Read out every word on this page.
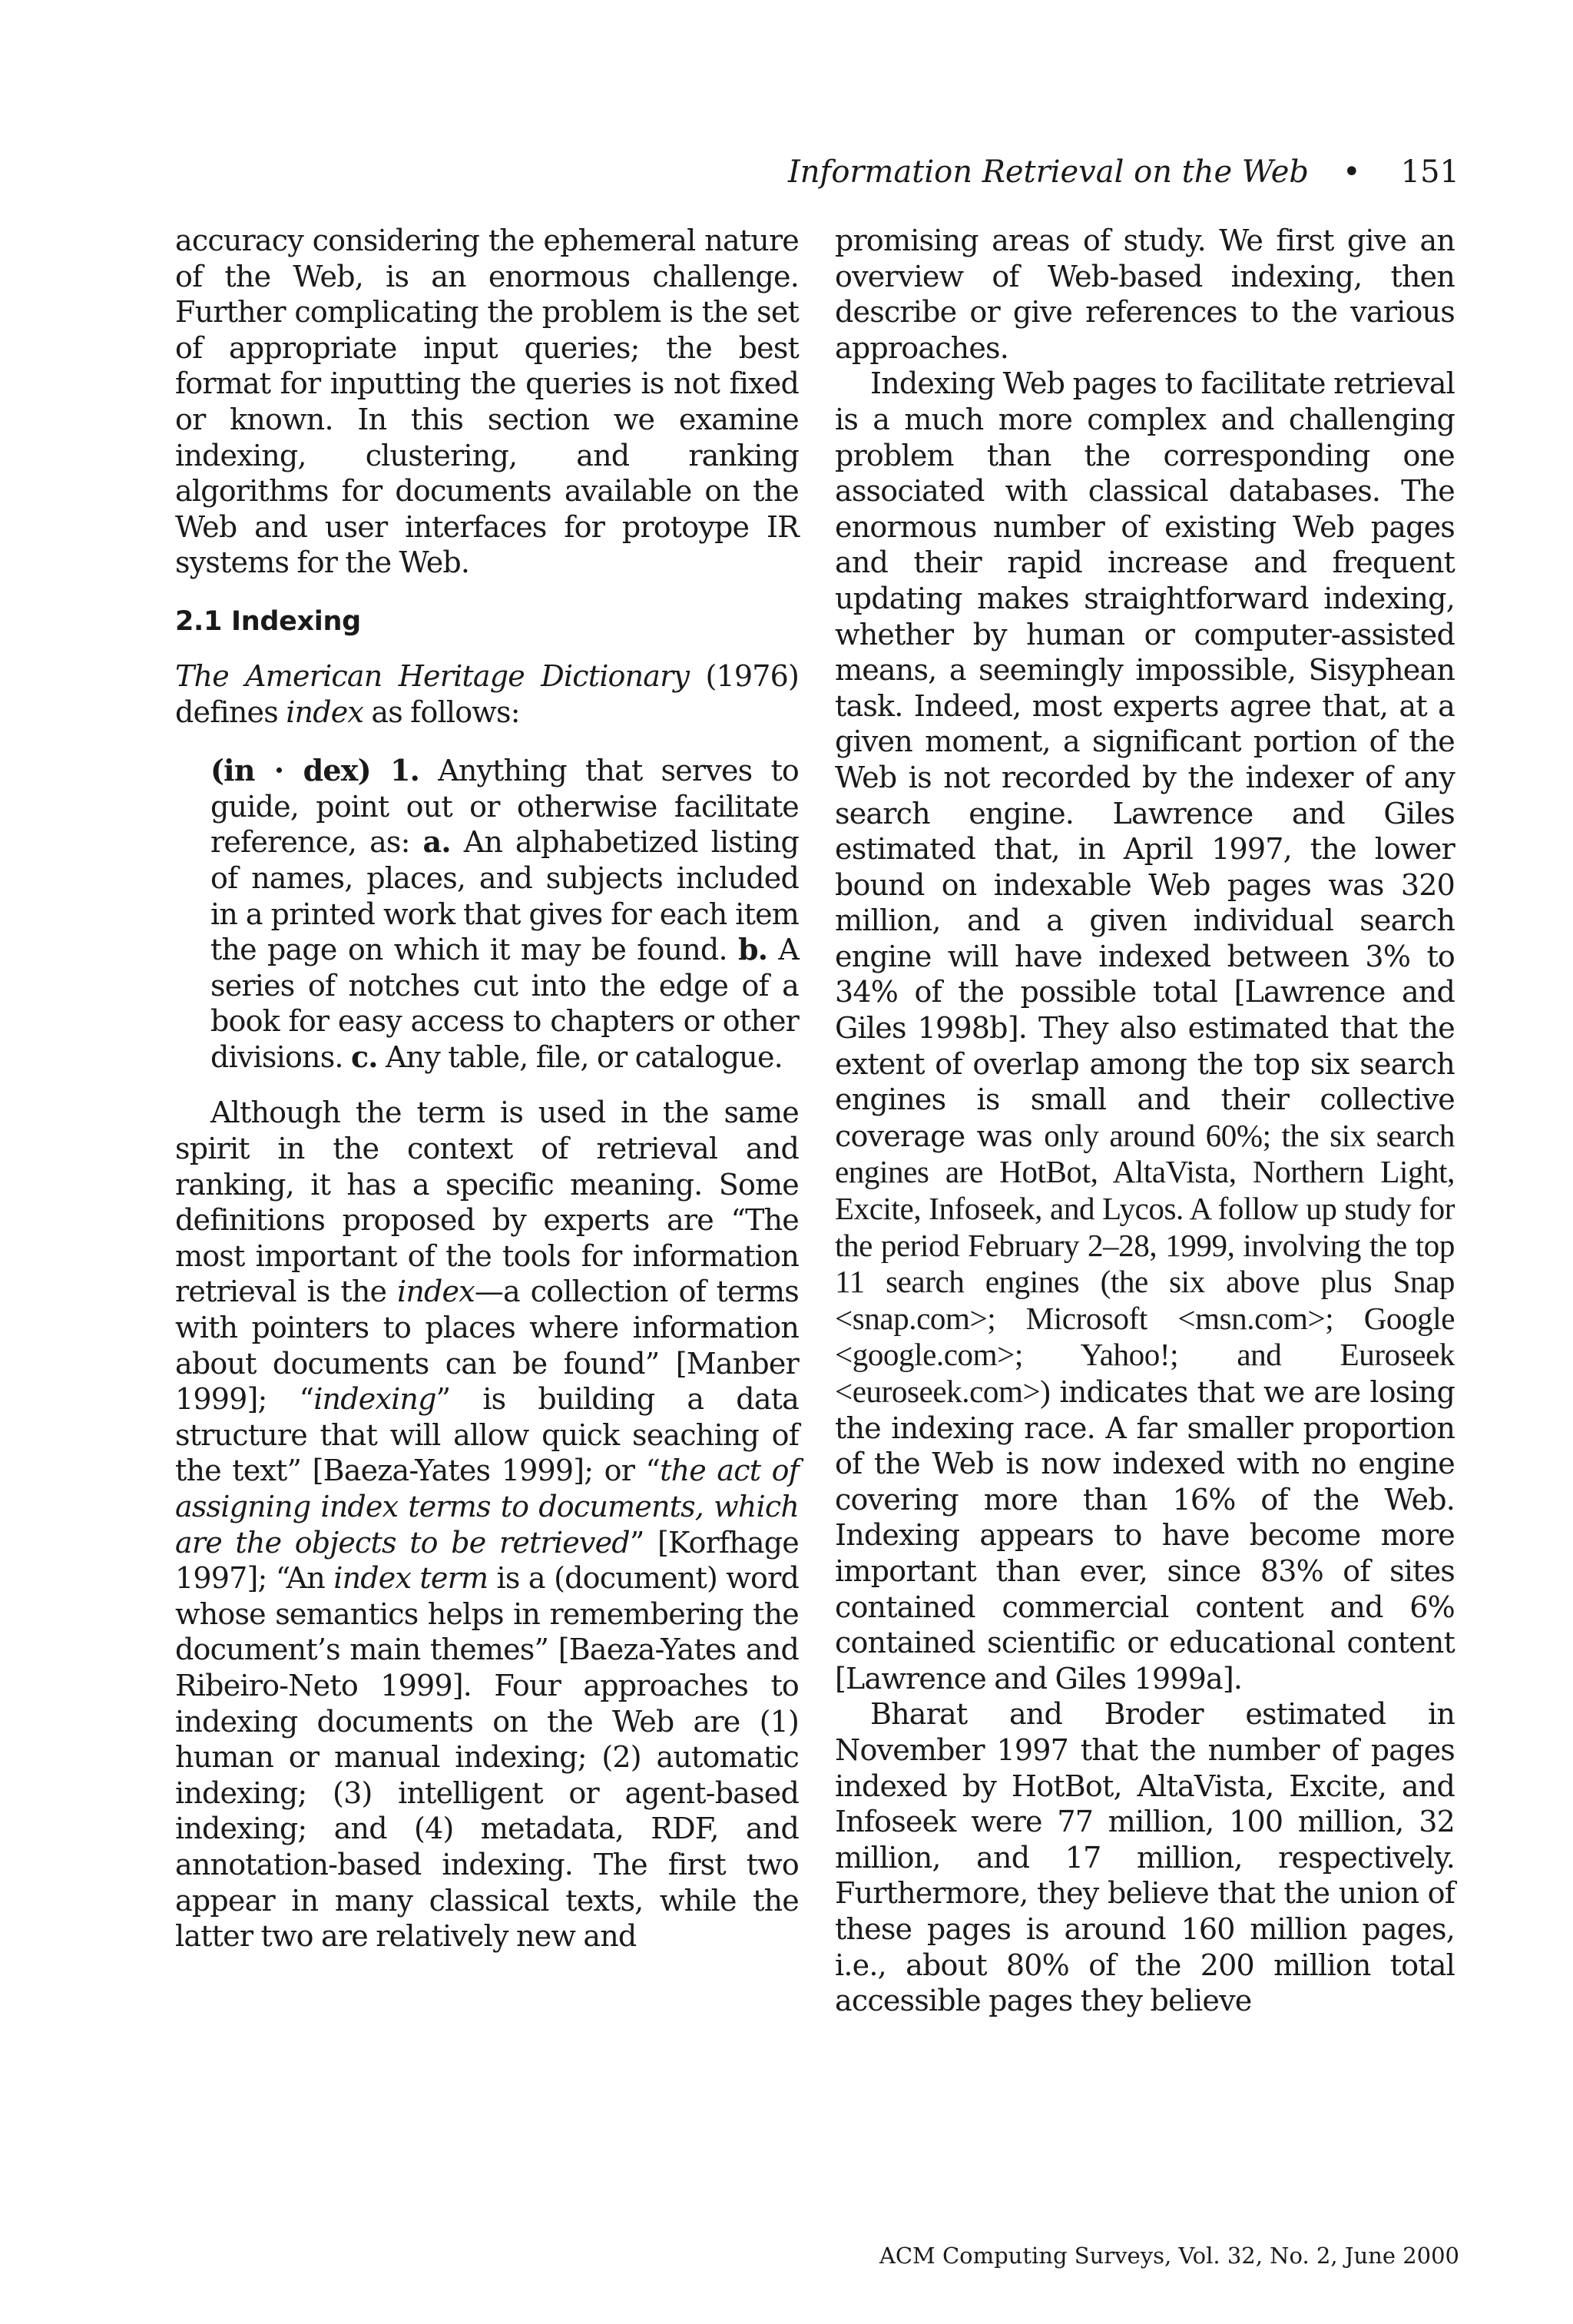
Information Retrieval on the Web • 151

accuracy considering the ephemeral nature of the Web, is an enormous challenge. Further complicating the problem is the set of appropriate input queries; the best format for inputting the queries is not fixed or known. In this section we examine indexing, clustering, and ranking algorithms for documents available on the Web and user interfaces for protoype IR systems for the Web.

2.1 Indexing

The American Heritage Dictionary (1976) defines index as follows:

(in · dex) 1. Anything that serves to guide, point out or otherwise facilitate reference, as: a. An alphabetized listing of names, places, and subjects included in a printed work that gives for each item the page on which it may be found. b. A series of notches cut into the edge of a book for easy access to chapters or other divisions. c. Any table, file, or catalogue.

Although the term is used in the same spirit in the context of retrieval and ranking, it has a specific meaning. Some definitions proposed by experts are “The most important of the tools for information retrieval is the index—a collection of terms with pointers to places where information about documents can be found” [Manber 1999]; “indexing” is building a data structure that will allow quick seaching of the text” [Baeza-Yates 1999]; or “the act of assigning index terms to documents, which are the objects to be retrieved” [Korfhage 1997]; “An index term is a (document) word whose semantics helps in remembering the document’s main themes” [Baeza-Yates and Ribeiro-Neto 1999]. Four approaches to indexing documents on the Web are (1) human or manual indexing; (2) automatic indexing; (3) intelligent or agent-based indexing; and (4) metadata, RDF, and annotation-based indexing. The first two appear in many classical texts, while the latter two are relatively new and

promising areas of study. We first give an overview of Web-based indexing, then describe or give references to the various approaches.

Indexing Web pages to facilitate retrieval is a much more complex and challenging problem than the corresponding one associated with classical databases. The enormous number of existing Web pages and their rapid increase and frequent updating makes straightforward indexing, whether by human or computer-assisted means, a seemingly impossible, Sisyphean task. Indeed, most experts agree that, at a given moment, a significant portion of the Web is not recorded by the indexer of any search engine. Lawrence and Giles estimated that, in April 1997, the lower bound on indexable Web pages was 320 million, and a given individual search engine will have indexed between 3% to 34% of the possible total [Lawrence and Giles 1998b]. They also estimated that the extent of overlap among the top six search engines is small and their collective coverage was only around 60%; the six search engines are HotBot, AltaVista, Northern Light, Excite, Infoseek, and Lycos. A follow up study for the period February 2–28, 1999, involving the top 11 search engines (the six above plus Snap <snap.com>; Microsoft <msn.com>; Google <google.com>; Yahoo!; and Euroseek <euroseek.com>) indicates that we are losing the indexing race. A far smaller proportion of the Web is now indexed with no engine covering more than 16% of the Web. Indexing appears to have become more important than ever, since 83% of sites contained commercial content and 6% contained scientific or educational content [Lawrence and Giles 1999a].

Bharat and Broder estimated in November 1997 that the number of pages indexed by HotBot, AltaVista, Excite, and Infoseek were 77 million, 100 million, 32 million, and 17 million, respectively. Furthermore, they believe that the union of these pages is around 160 million pages, i.e., about 80% of the 200 million total accessible pages they believe

ACM Computing Surveys, Vol. 32, No. 2, June 2000
